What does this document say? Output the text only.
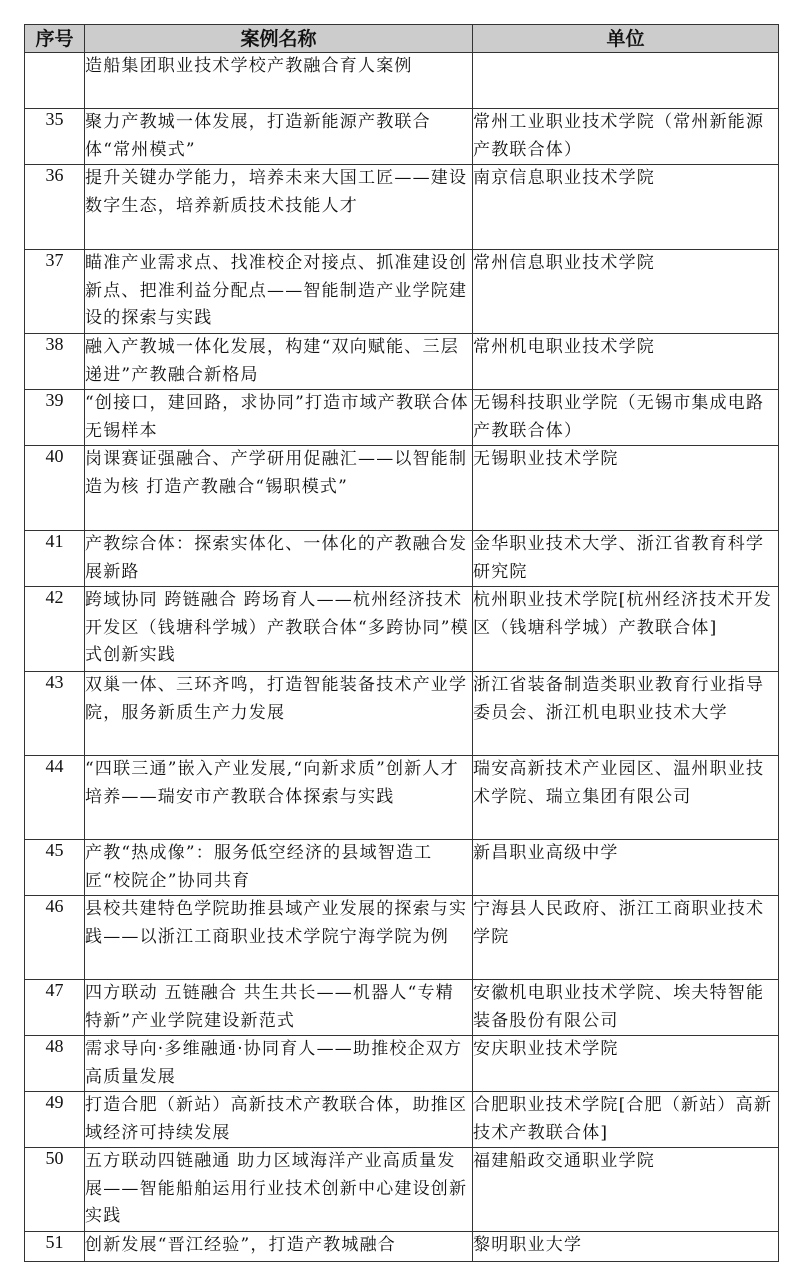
序号	案例名称	单位
	造船集团职业技术学校产教融合育人案例	
35	聚力产教城一体发展，打造新能源产教联合体“常州模式”	常州工业职业技术学院（常州新能源产教联合体）
36	提升关键办学能力，培养未来大国工匠——建设数字生态，培养新质技术技能人才	南京信息职业技术学院
37	瞄准产业需求点、找准校企对接点、抓准建设创新点、把准利益分配点——智能制造产业学院建设的探索与实践	常州信息职业技术学院
38	融入产教城一体化发展，构建“双向赋能、三层递进”产教融合新格局	常州机电职业技术学院
39	“创接口，建回路，求协同”打造市域产教联合体无锡样本	无锡科技职业学院（无锡市集成电路产教联合体）
40	岗课赛证强融合、产学研用促融汇——以智能制造为核 打造产教融合“锡职模式”	无锡职业技术学院
41	产教综合体：探索实体化、一体化的产教融合发展新路	金华职业技术大学、浙江省教育科学研究院
42	跨域协同 跨链融合 跨场育人——杭州经济技术开发区（钱塘科学城）产教联合体“多跨协同”模式创新实践	杭州职业技术学院[杭州经济技术开发区（钱塘科学城）产教联合体]
43	双巢一体、三环齐鸣，打造智能装备技术产业学院，服务新质生产力发展	浙江省装备制造类职业教育行业指导委员会、浙江机电职业技术大学
44	“四联三通”嵌入产业发展,“向新求质”创新人才培养——瑞安市产教联合体探索与实践	瑞安高新技术产业园区、温州职业技术学院、瑞立集团有限公司
45	产教“热成像”：服务低空经济的县域智造工匠“校院企”协同共育	新昌职业高级中学
46	县校共建特色学院助推县域产业发展的探索与实践——以浙江工商职业技术学院宁海学院为例	宁海县人民政府、浙江工商职业技术学院
47	四方联动 五链融合 共生共长——机器人“专精特新”产业学院建设新范式	安徽机电职业技术学院、埃夫特智能装备股份有限公司
48	需求导向·多维融通·协同育人——助推校企双方高质量发展	安庆职业技术学院
49	打造合肥（新站）高新技术产教联合体，助推区域经济可持续发展	合肥职业技术学院[合肥（新站）高新技术产教联合体]
50	五方联动四链融通 助力区域海洋产业高质量发展——智能船舶运用行业技术创新中心建设创新实践	福建船政交通职业学院
51	创新发展“晋江经验”，打造产教城融合	黎明职业大学
